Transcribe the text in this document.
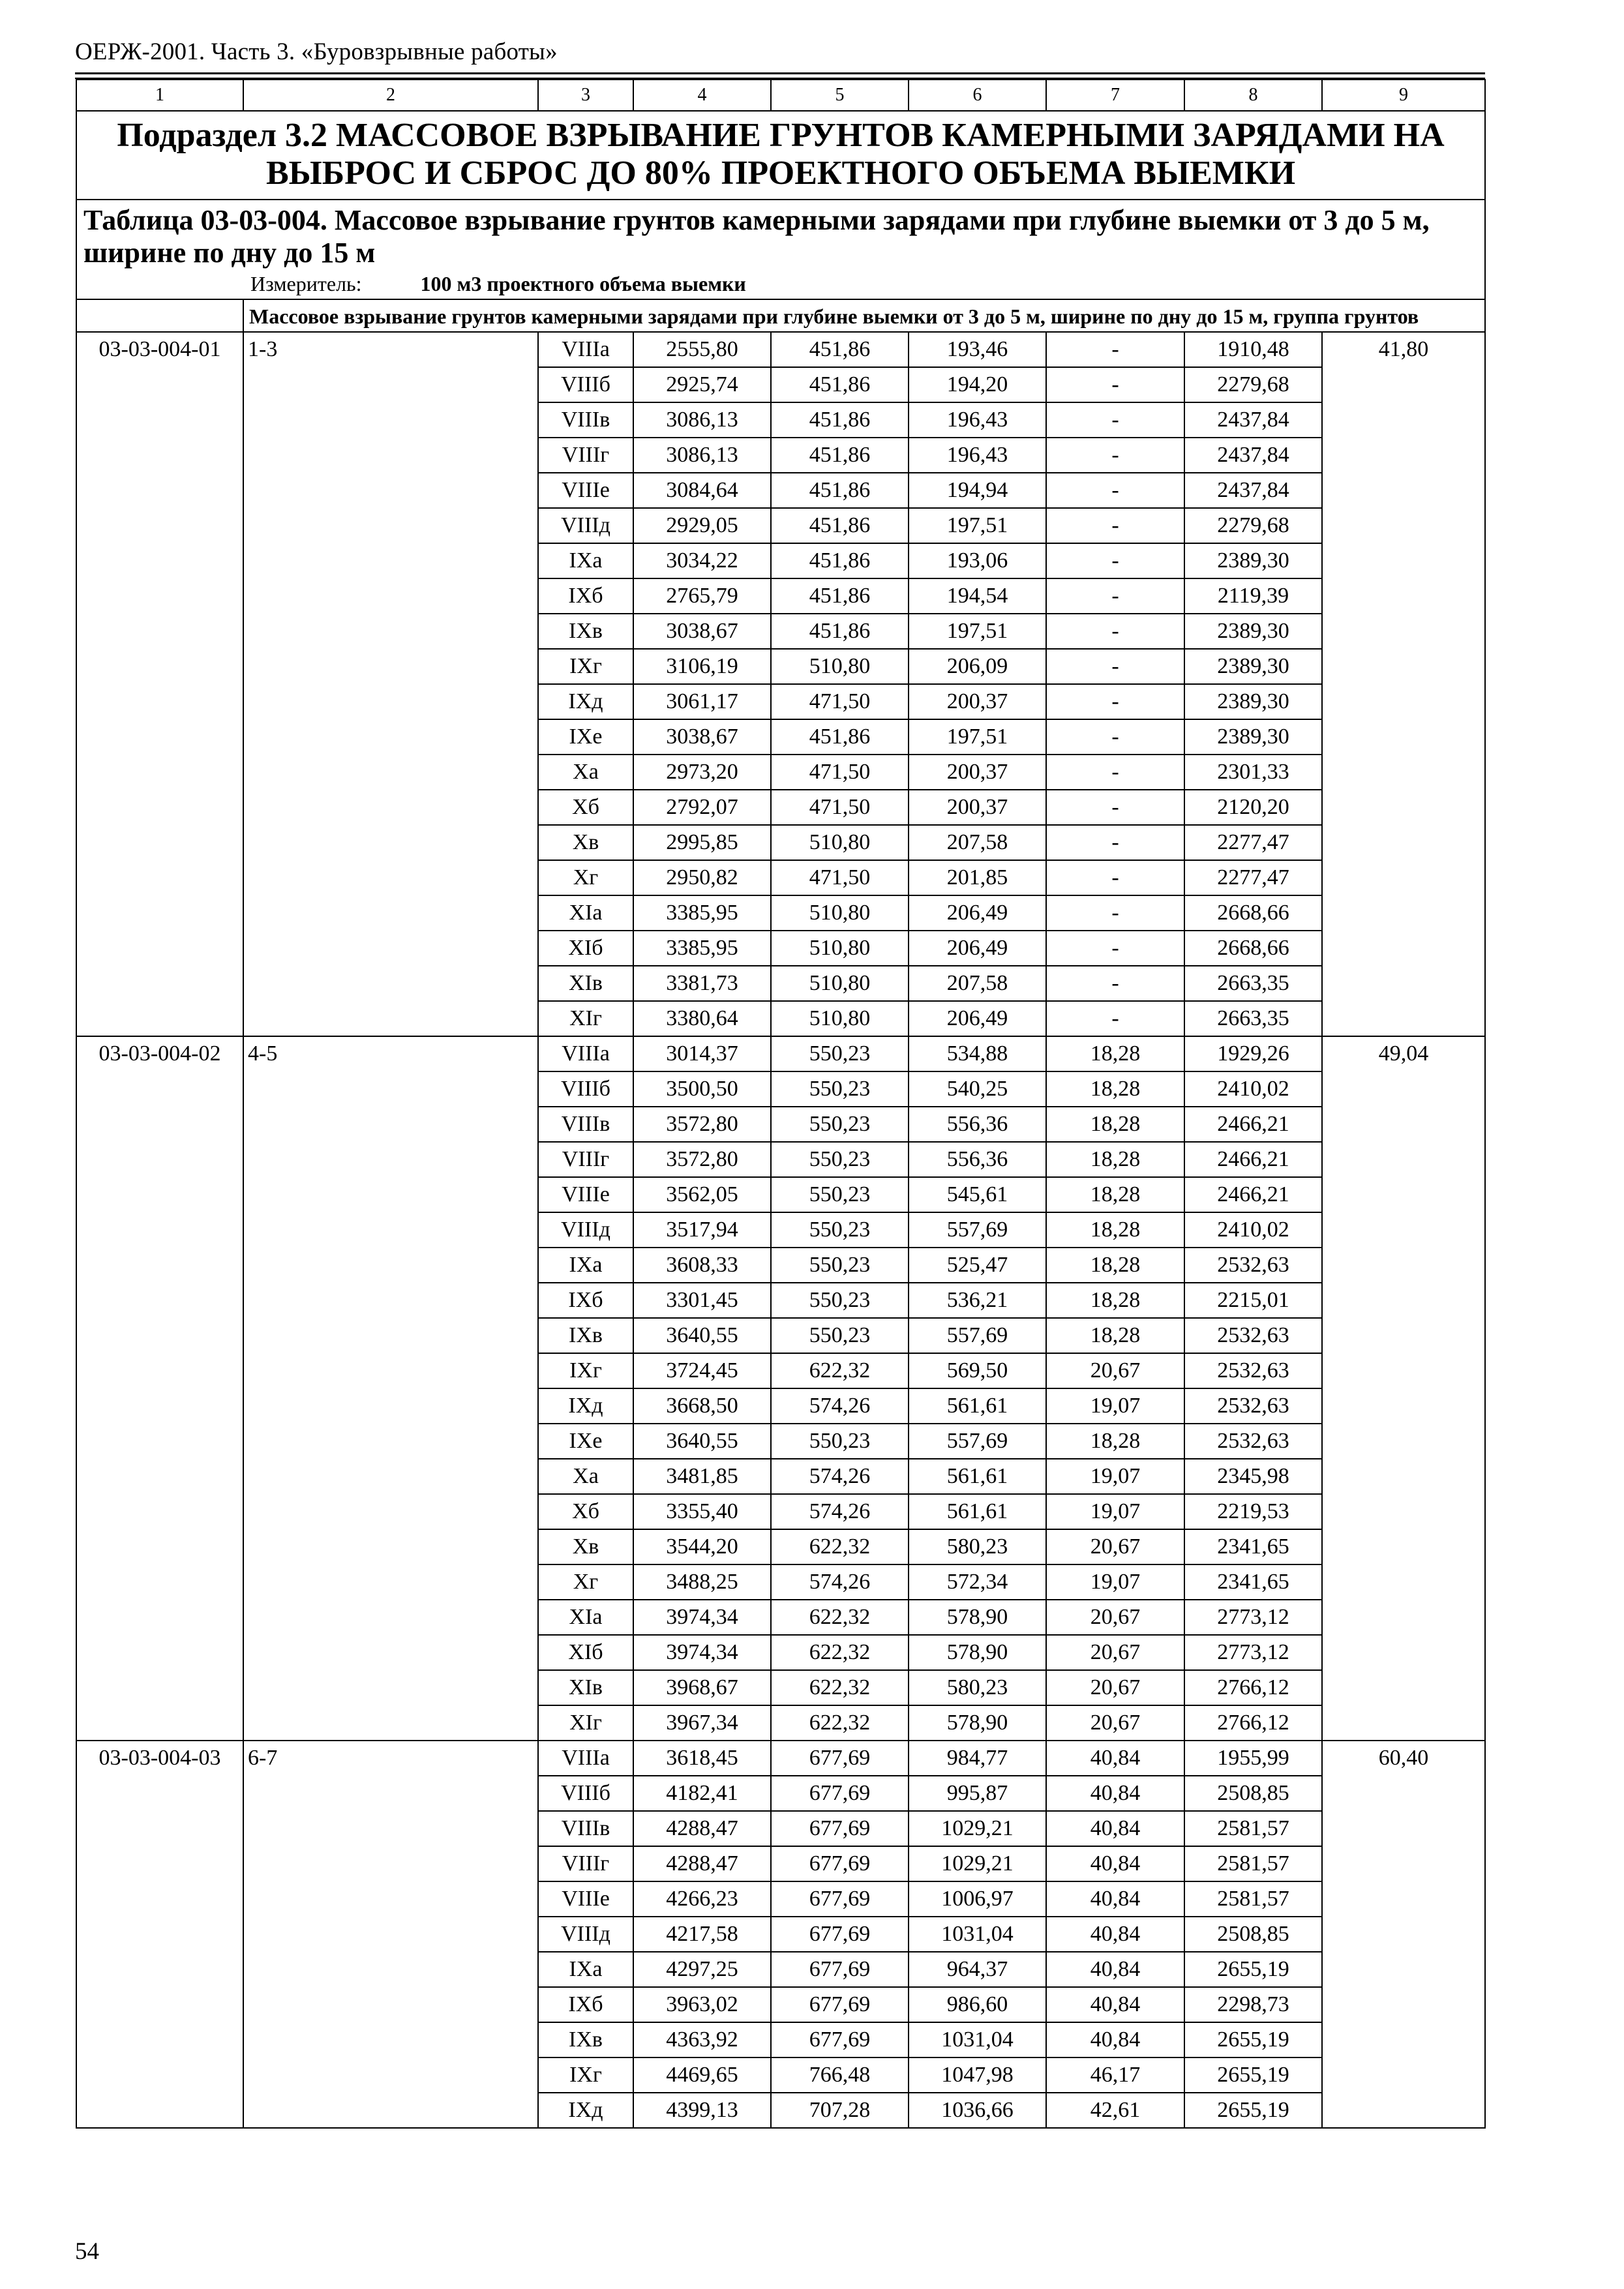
ОЕРЖ-2001. Часть 3. «Буровзрывные работы»
1	2	3	4	5	6	7	8	9
Подраздел 3.2 МАССОВОЕ ВЗРЫВАНИЕ ГРУНТОВ КАМЕРНЫМИ ЗАРЯДАМИ НА ВЫБРОС И СБРОС ДО 80% ПРОЕКТНОГО ОБЪЕМА ВЫЕМКИ								
Таблица 03-03-004. Массовое взрывание грунтов камерными зарядами при глубине выемки от 3 до 5 м, ширине по дну до 15 м								
Измеритель: 100 м3 проектного объема выемки								
	Массовое взрывание грунтов камерными зарядами при глубине выемки от 3 до 5 м, ширине по дну до 15 м, группа грунтов							
03-03-004-01	1-3	VIIIа	2555,80	451,86	193,46	-	1910,48	41,80
		VIIIб	2925,74	451,86	194,20	-	2279,68	
		VIIIв	3086,13	451,86	196,43	-	2437,84	
		VIIIг	3086,13	451,86	196,43	-	2437,84	
		VIIIе	3084,64	451,86	194,94	-	2437,84	
		VIIIд	2929,05	451,86	197,51	-	2279,68	
		IХа	3034,22	451,86	193,06	-	2389,30	
		IХб	2765,79	451,86	194,54	-	2119,39	
		IХв	3038,67	451,86	197,51	-	2389,30	
		IХг	3106,19	510,80	206,09	-	2389,30	
		IХд	3061,17	471,50	200,37	-	2389,30	
		IХе	3038,67	451,86	197,51	-	2389,30	
		Ха	2973,20	471,50	200,37	-	2301,33	
		Хб	2792,07	471,50	200,37	-	2120,20	
		Хв	2995,85	510,80	207,58	-	2277,47	
		Хг	2950,82	471,50	201,85	-	2277,47	
		ХIа	3385,95	510,80	206,49	-	2668,66	
		ХIб	3385,95	510,80	206,49	-	2668,66	
		ХIв	3381,73	510,80	207,58	-	2663,35	
		ХIг	3380,64	510,80	206,49	-	2663,35	
03-03-004-02	4-5	VIIIа	3014,37	550,23	534,88	18,28	1929,26	49,04
		VIIIб	3500,50	550,23	540,25	18,28	2410,02	
		VIIIв	3572,80	550,23	556,36	18,28	2466,21	
		VIIIг	3572,80	550,23	556,36	18,28	2466,21	
		VIIIе	3562,05	550,23	545,61	18,28	2466,21	
		VIIIд	3517,94	550,23	557,69	18,28	2410,02	
		IХа	3608,33	550,23	525,47	18,28	2532,63	
		IХб	3301,45	550,23	536,21	18,28	2215,01	
		IХв	3640,55	550,23	557,69	18,28	2532,63	
		IХг	3724,45	622,32	569,50	20,67	2532,63	
		IХд	3668,50	574,26	561,61	19,07	2532,63	
		IХе	3640,55	550,23	557,69	18,28	2532,63	
		Ха	3481,85	574,26	561,61	19,07	2345,98	
		Хб	3355,40	574,26	561,61	19,07	2219,53	
		Хв	3544,20	622,32	580,23	20,67	2341,65	
		Хг	3488,25	574,26	572,34	19,07	2341,65	
		ХIа	3974,34	622,32	578,90	20,67	2773,12	
		ХIб	3974,34	622,32	578,90	20,67	2773,12	
		ХIв	3968,67	622,32	580,23	20,67	2766,12	
		ХIг	3967,34	622,32	578,90	20,67	2766,12	
03-03-004-03	6-7	VIIIа	3618,45	677,69	984,77	40,84	1955,99	60,40
		VIIIб	4182,41	677,69	995,87	40,84	2508,85	
		VIIIв	4288,47	677,69	1029,21	40,84	2581,57	
		VIIIг	4288,47	677,69	1029,21	40,84	2581,57	
		VIIIе	4266,23	677,69	1006,97	40,84	2581,57	
		VIIIд	4217,58	677,69	1031,04	40,84	2508,85	
		IХа	4297,25	677,69	964,37	40,84	2655,19	
		IХб	3963,02	677,69	986,60	40,84	2298,73	
		IХв	4363,92	677,69	1031,04	40,84	2655,19	
		IХг	4469,65	766,48	1047,98	46,17	2655,19	
		IХд	4399,13	707,28	1036,66	42,61	2655,19	
54
